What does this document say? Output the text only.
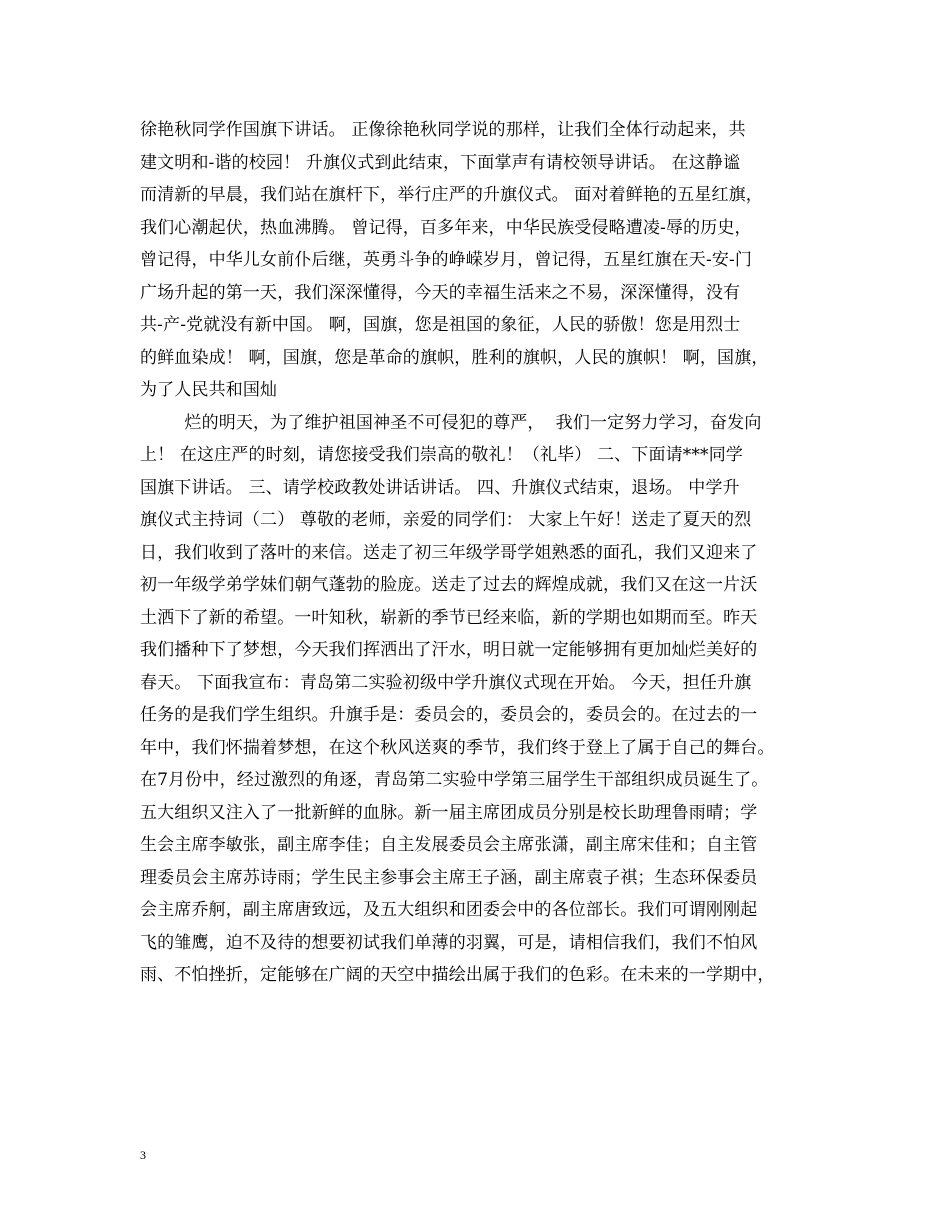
徐艳秋同学作国旗下讲话。 正像徐艳秋同学说的那样，让我们全体行动起来，共
建文明和-谐的校园！ 升旗仪式到此结束，下面掌声有请校领导讲话。 在这静谧
而清新的早晨，我们站在旗杆下，举行庄严的升旗仪式。 面对着鲜艳的五星红旗，
我们心潮起伏，热血沸腾。 曾记得，百多年来，中华民族受侵略遭凌-辱的历史，
曾记得，中华儿女前仆后继，英勇斗争的峥嵘岁月，曾记得，五星红旗在天-安-门
广场升起的第一天，我们深深懂得，今天的幸福生活来之不易，深深懂得，没有
共-产-党就没有新中国。 啊，国旗，您是祖国的象征，人民的骄傲！您是用烈士
的鲜血染成！ 啊，国旗，您是革命的旗帜，胜利的旗帜，人民的旗帜！ 啊，国旗，
为了人民共和国灿
烂的明天，为了维护祖国神圣不可侵犯的尊严，  我们一定努力学习，奋发向
上！ 在这庄严的时刻，请您接受我们崇高的敬礼！（礼毕） 二、下面请***同学
国旗下讲话。 三、请学校政教处讲话讲话。 四、升旗仪式结束，退场。 中学升
旗仪式主持词（二） 尊敬的老师，亲爱的同学们： 大家上午好！送走了夏天的烈
日，我们收到了落叶的来信。送走了初三年级学哥学姐熟悉的面孔，我们又迎来了
初一年级学弟学妹们朝气蓬勃的脸庞。送走了过去的辉煌成就，我们又在这一片沃
土洒下了新的希望。一叶知秋，崭新的季节已经来临，新的学期也如期而至。昨天
我们播种下了梦想，今天我们挥洒出了汗水，明日就一定能够拥有更加灿烂美好的
春天。 下面我宣布：青岛第二实验初级中学升旗仪式现在开始。 今天，担任升旗
任务的是我们学生组织。升旗手是：委员会的，委员会的，委员会的。在过去的一
年中，我们怀揣着梦想，在这个秋风送爽的季节，我们终于登上了属于自己的舞台。
在7月份中，经过激烈的角逐，青岛第二实验中学第三届学生干部组织成员诞生了。
五大组织又注入了一批新鲜的血脉。新一届主席团成员分别是校长助理鲁雨晴；学
生会主席李敏张，副主席李佳；自主发展委员会主席张潇，副主席宋佳和；自主管
理委员会主席苏诗雨；学生民主参事会主席王子涵，副主席袁子祺；生态环保委员
会主席乔舸，副主席唐致远，及五大组织和团委会中的各位部长。我们可谓刚刚起
飞的雏鹰，迫不及待的想要初试我们单薄的羽翼，可是，请相信我们，我们不怕风
雨、不怕挫折，定能够在广阔的天空中描绘出属于我们的色彩。在未来的一学期中，
3
